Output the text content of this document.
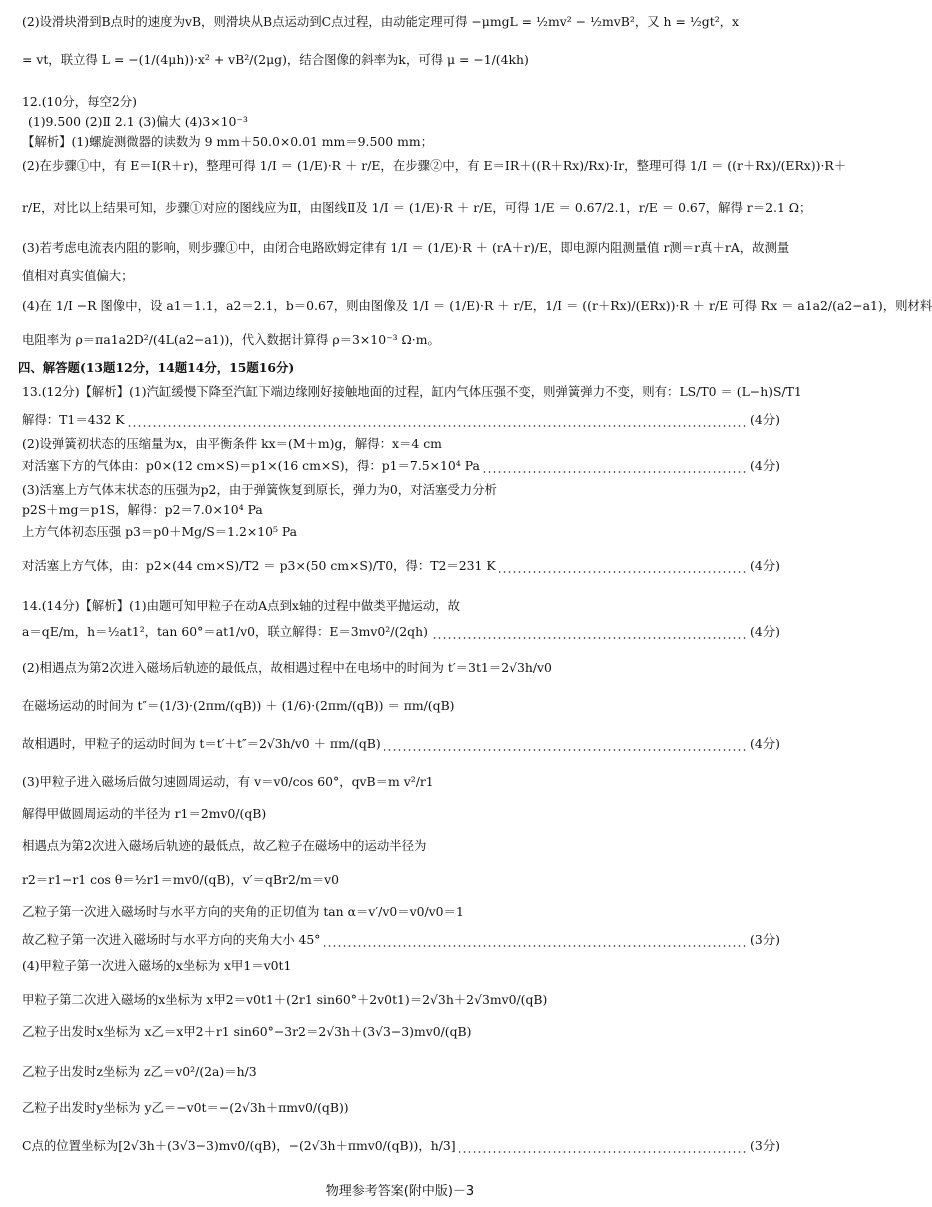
(2)设滑块滑到B点时的速度为vB，则滑块从B点运动到C点过程，由动能定理可得 −μmgL = ½mv² − ½mvB²，又 h = ½gt²，x
= vt，联立得 L = −(1/(4μh))·x² + vB²/(2μg)，结合图像的斜率为k，可得 μ = −1/(4kh)
12.(10分，每空2分)
(1)9.500 (2)Ⅱ 2.1 (3)偏大 (4)3×10⁻³
【解析】(1)螺旋测微器的读数为 9 mm＋50.0×0.01 mm＝9.500 mm；
(2)在步骤①中，有 E＝I(R＋r)，整理可得 1/I ＝ (1/E)·R ＋ r/E，在步骤②中，有 E＝IR＋((R＋Rx)/Rx)·Ir，整理可得 1/I ＝ ((r＋Rx)/(ERx))·R＋
r/E，对比以上结果可知，步骤①对应的图线应为Ⅱ，由图线Ⅱ及 1/I ＝ (1/E)·R ＋ r/E，可得 1/E ＝ 0.67/2.1，r/E ＝ 0.67，解得 r＝2.1 Ω；
(3)若考虑电流表内阻的影响，则步骤①中，由闭合电路欧姆定律有 1/I ＝ (1/E)·R ＋ (rA＋r)/E，即电源内阻测量值 r测＝r真＋rA，故测量
值相对真实值偏大；
(4)在 1/I −R 图像中，设 a1＝1.1，a2＝2.1，b＝0.67，则由图像及 1/I ＝ (1/E)·R ＋ r/E，1/I ＝ ((r＋Rx)/(ERx))·R ＋ r/E 可得 Rx ＝ a1a2/(a2−a1)，则材料
电阻率为 ρ＝πa1a2D²/(4L(a2−a1))，代入数据计算得 ρ＝3×10⁻³ Ω·m。
四、解答题(13题12分，14题14分，15题16分)
13.(12分)【解析】(1)汽缸缓慢下降至汽缸下端边缘刚好接触地面的过程，缸内气体压强不变，则弹簧弹力不变，则有：LS/T0 ＝ (L−h)S/T1
(4分)
解得：T1＝432 K
(2)设弹簧初状态的压缩量为x，由平衡条件 kx＝(M＋m)g，解得：x＝4 cm
(4分)
对活塞下方的气体由：p0×(12 cm×S)＝p1×(16 cm×S)，得：p1＝7.5×10⁴ Pa
(3)活塞上方气体末状态的压强为p2，由于弹簧恢复到原长，弹力为0，对活塞受力分析
p2S＋mg＝p1S，解得：p2＝7.0×10⁴ Pa
上方气体初态压强 p3＝p0＋Mg/S＝1.2×10⁵ Pa
(4分)
对活塞上方气体，由：p2×(44 cm×S)/T2 ＝ p3×(50 cm×S)/T0，得：T2＝231 K
14.(14分)【解析】(1)由题可知甲粒子在动A点到x轴的过程中做类平抛运动，故
(4分)
a＝qE/m，h＝½at1²，tan 60°＝at1/v0，联立解得：E＝3mv0²/(2qh)
(2)相遇点为第2次进入磁场后轨迹的最低点，故相遇过程中在电场中的时间为 t′＝3t1＝2√3h/v0
在磁场运动的时间为 t″＝(1/3)·(2πm/(qB)) ＋ (1/6)·(2πm/(qB)) ＝ πm/(qB)
(4分)
故相遇时，甲粒子的运动时间为 t＝t′＋t″＝2√3h/v0 ＋ πm/(qB)
(3)甲粒子进入磁场后做匀速圆周运动，有 v＝v0/cos 60°，qvB＝m v²/r1
解得甲做圆周运动的半径为 r1＝2mv0/(qB)
相遇点为第2次进入磁场后轨迹的最低点，故乙粒子在磁场中的运动半径为
r2＝r1−r1 cos θ＝½r1＝mv0/(qB)，v′＝qBr2/m＝v0
乙粒子第一次进入磁场时与水平方向的夹角的正切值为 tan α＝v′/v0＝v0/v0＝1
(3分)
故乙粒子第一次进入磁场时与水平方向的夹角大小 45°
(4)甲粒子第一次进入磁场的x坐标为 x甲1＝v0t1
甲粒子第二次进入磁场的x坐标为 x甲2＝v0t1＋(2r1 sin60°＋2v0t1)＝2√3h＋2√3mv0/(qB)
乙粒子出发时x坐标为 x乙＝x甲2＋r1 sin60°−3r2＝2√3h＋(3√3−3)mv0/(qB)
乙粒子出发时z坐标为 z乙＝v0²/(2a)＝h/3
乙粒子出发时y坐标为 y乙＝−v0t＝−(2√3h＋πmv0/(qB))
(3分)
C点的位置坐标为[2√3h＋(3√3−3)mv0/(qB)，−(2√3h＋πmv0/(qB))，h/3]
物理参考答案(附中版)－3
